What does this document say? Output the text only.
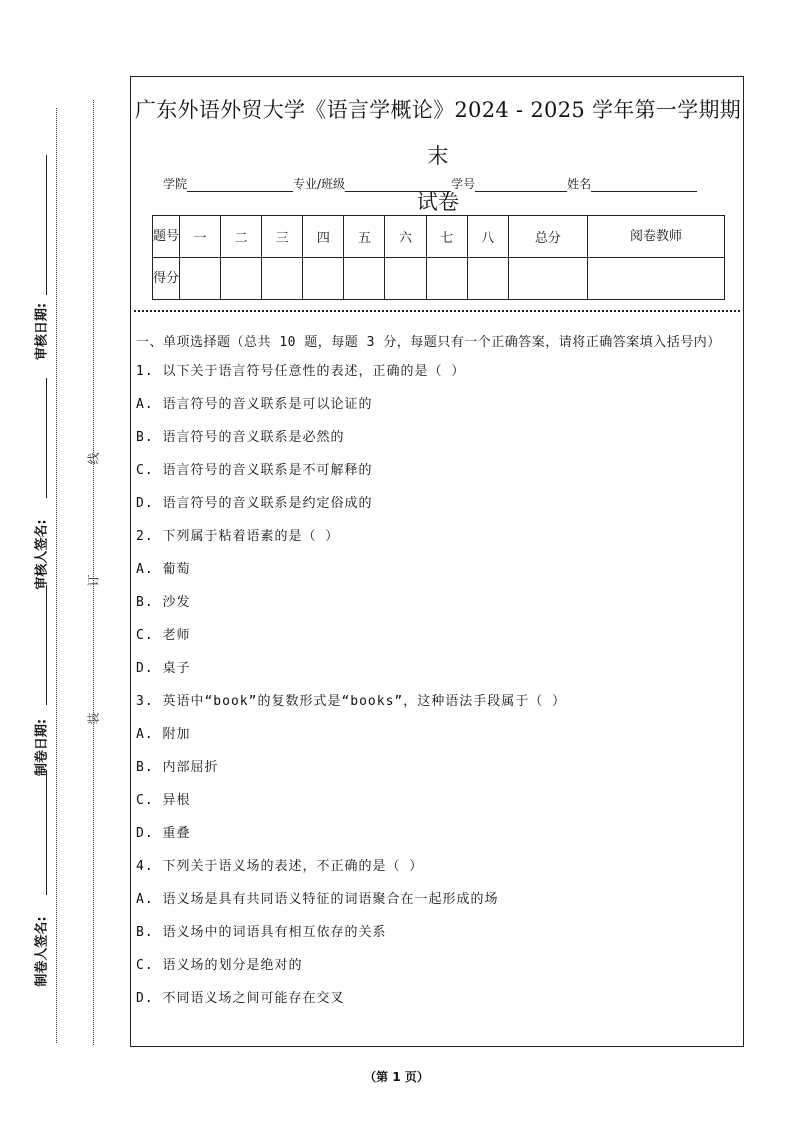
审核日期:
审核人签名:
制卷日期:
制卷人签名:
线
订
装
广东外语外贸大学《语言学概论》2024 - 2025 学年第一学期期末
试卷
学院	专业/班级	学号	姓名
题号	一	二	三	四	五	六	七	八	总分	阅卷教师
得分										
一、单项选择题（总共 10 题，每题 3 分，每题只有一个正确答案，请将正确答案填入括号内）
1. 以下关于语言符号任意性的表述，正确的是（ ）
A. 语言符号的音义联系是可以论证的
B. 语言符号的音义联系是必然的
C. 语言符号的音义联系是不可解释的
D. 语言符号的音义联系是约定俗成的
2. 下列属于粘着语素的是（ ）
A. 葡萄
B. 沙发
C. 老师
D. 桌子
3. 英语中“book”的复数形式是“books”，这种语法手段属于（ ）
A. 附加
B. 内部屈折
C. 异根
D. 重叠
4. 下列关于语义场的表述，不正确的是（ ）
A. 语义场是具有共同语义特征的词语聚合在一起形成的场
B. 语义场中的词语具有相互依存的关系
C. 语义场的划分是绝对的
D. 不同语义场之间可能存在交叉
（第 1 页）
